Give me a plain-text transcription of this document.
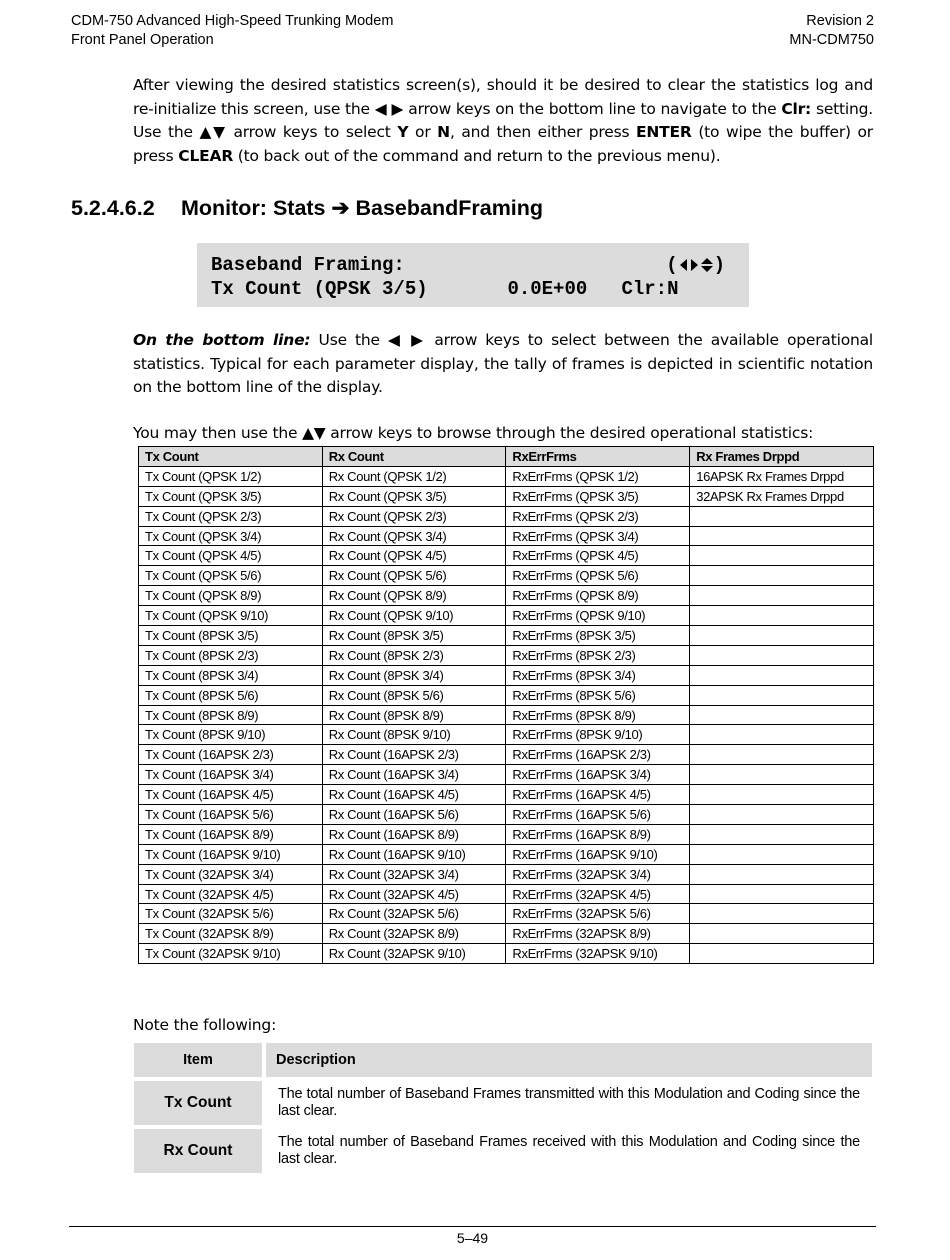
CDM-750 Advanced High-Speed Trunking Modem
Front Panel Operation
Revision 2
MN-CDM750
After viewing the desired statistics screen(s), should it be desired to clear the statistics log and re-initialize this screen, use the ◀ ▶ arrow keys on the bottom line to navigate to the Clr: setting. Use the ▲▼ arrow keys to select Y or N, and then either press ENTER (to wipe the buffer) or press CLEAR (to back out of the command and return to the previous menu).
5.2.4.6.2 Monitor: Stats ➔ BasebandFraming
Baseband Framing:	( )
Tx Count (QPSK 3/5)       0.0E+00   Clr:N
On the bottom line: Use the ◀ ▶ arrow keys to select between the available operational statistics. Typical for each parameter display, the tally of frames is depicted in scientific notation on the bottom line of the display.
You may then use the ▲▼ arrow keys to browse through the desired operational statistics:
Tx Count	Rx Count	RxErrFrms	Rx Frames Drppd
Tx Count (QPSK 1/2)	Rx Count (QPSK 1/2)	RxErrFrms (QPSK 1/2)	16APSK Rx Frames Drppd
Tx Count (QPSK 3/5)	Rx Count (QPSK 3/5)	RxErrFrms (QPSK 3/5)	32APSK Rx Frames Drppd
Tx Count (QPSK 2/3)	Rx Count (QPSK 2/3)	RxErrFrms (QPSK 2/3)	
Tx Count (QPSK 3/4)	Rx Count (QPSK 3/4)	RxErrFrms (QPSK 3/4)	
Tx Count (QPSK 4/5)	Rx Count (QPSK 4/5)	RxErrFrms (QPSK 4/5)	
Tx Count (QPSK 5/6)	Rx Count (QPSK 5/6)	RxErrFrms (QPSK 5/6)	
Tx Count (QPSK 8/9)	Rx Count (QPSK 8/9)	RxErrFrms (QPSK 8/9)	
Tx Count (QPSK 9/10)	Rx Count (QPSK 9/10)	RxErrFrms (QPSK 9/10)	
Tx Count (8PSK 3/5)	Rx Count (8PSK 3/5)	RxErrFrms (8PSK 3/5)	
Tx Count (8PSK 2/3)	Rx Count (8PSK 2/3)	RxErrFrms (8PSK 2/3)	
Tx Count (8PSK 3/4)	Rx Count (8PSK 3/4)	RxErrFrms (8PSK 3/4)	
Tx Count (8PSK 5/6)	Rx Count (8PSK 5/6)	RxErrFrms (8PSK 5/6)	
Tx Count (8PSK 8/9)	Rx Count (8PSK 8/9)	RxErrFrms (8PSK 8/9)	
Tx Count (8PSK 9/10)	Rx Count (8PSK 9/10)	RxErrFrms (8PSK 9/10)	
Tx Count (16APSK 2/3)	Rx Count (16APSK 2/3)	RxErrFrms (16APSK 2/3)	
Tx Count (16APSK 3/4)	Rx Count (16APSK 3/4)	RxErrFrms (16APSK 3/4)	
Tx Count (16APSK 4/5)	Rx Count (16APSK 4/5)	RxErrFrms (16APSK 4/5)	
Tx Count (16APSK 5/6)	Rx Count (16APSK 5/6)	RxErrFrms (16APSK 5/6)	
Tx Count (16APSK 8/9)	Rx Count (16APSK 8/9)	RxErrFrms (16APSK 8/9)	
Tx Count (16APSK 9/10)	Rx Count (16APSK 9/10)	RxErrFrms (16APSK 9/10)	
Tx Count (32APSK 3/4)	Rx Count (32APSK 3/4)	RxErrFrms (32APSK 3/4)	
Tx Count (32APSK 4/5)	Rx Count (32APSK 4/5)	RxErrFrms (32APSK 4/5)	
Tx Count (32APSK 5/6)	Rx Count (32APSK 5/6)	RxErrFrms (32APSK 5/6)	
Tx Count (32APSK 8/9)	Rx Count (32APSK 8/9)	RxErrFrms (32APSK 8/9)	
Tx Count (32APSK 9/10)	Rx Count (32APSK 9/10)	RxErrFrms (32APSK 9/10)	
Note the following:
Item	Description
Tx Count	The total number of Baseband Frames transmitted with this Modulation and Coding since the last clear.
Rx Count	The total number of Baseband Frames received with this Modulation and Coding since the last clear.
5–49
